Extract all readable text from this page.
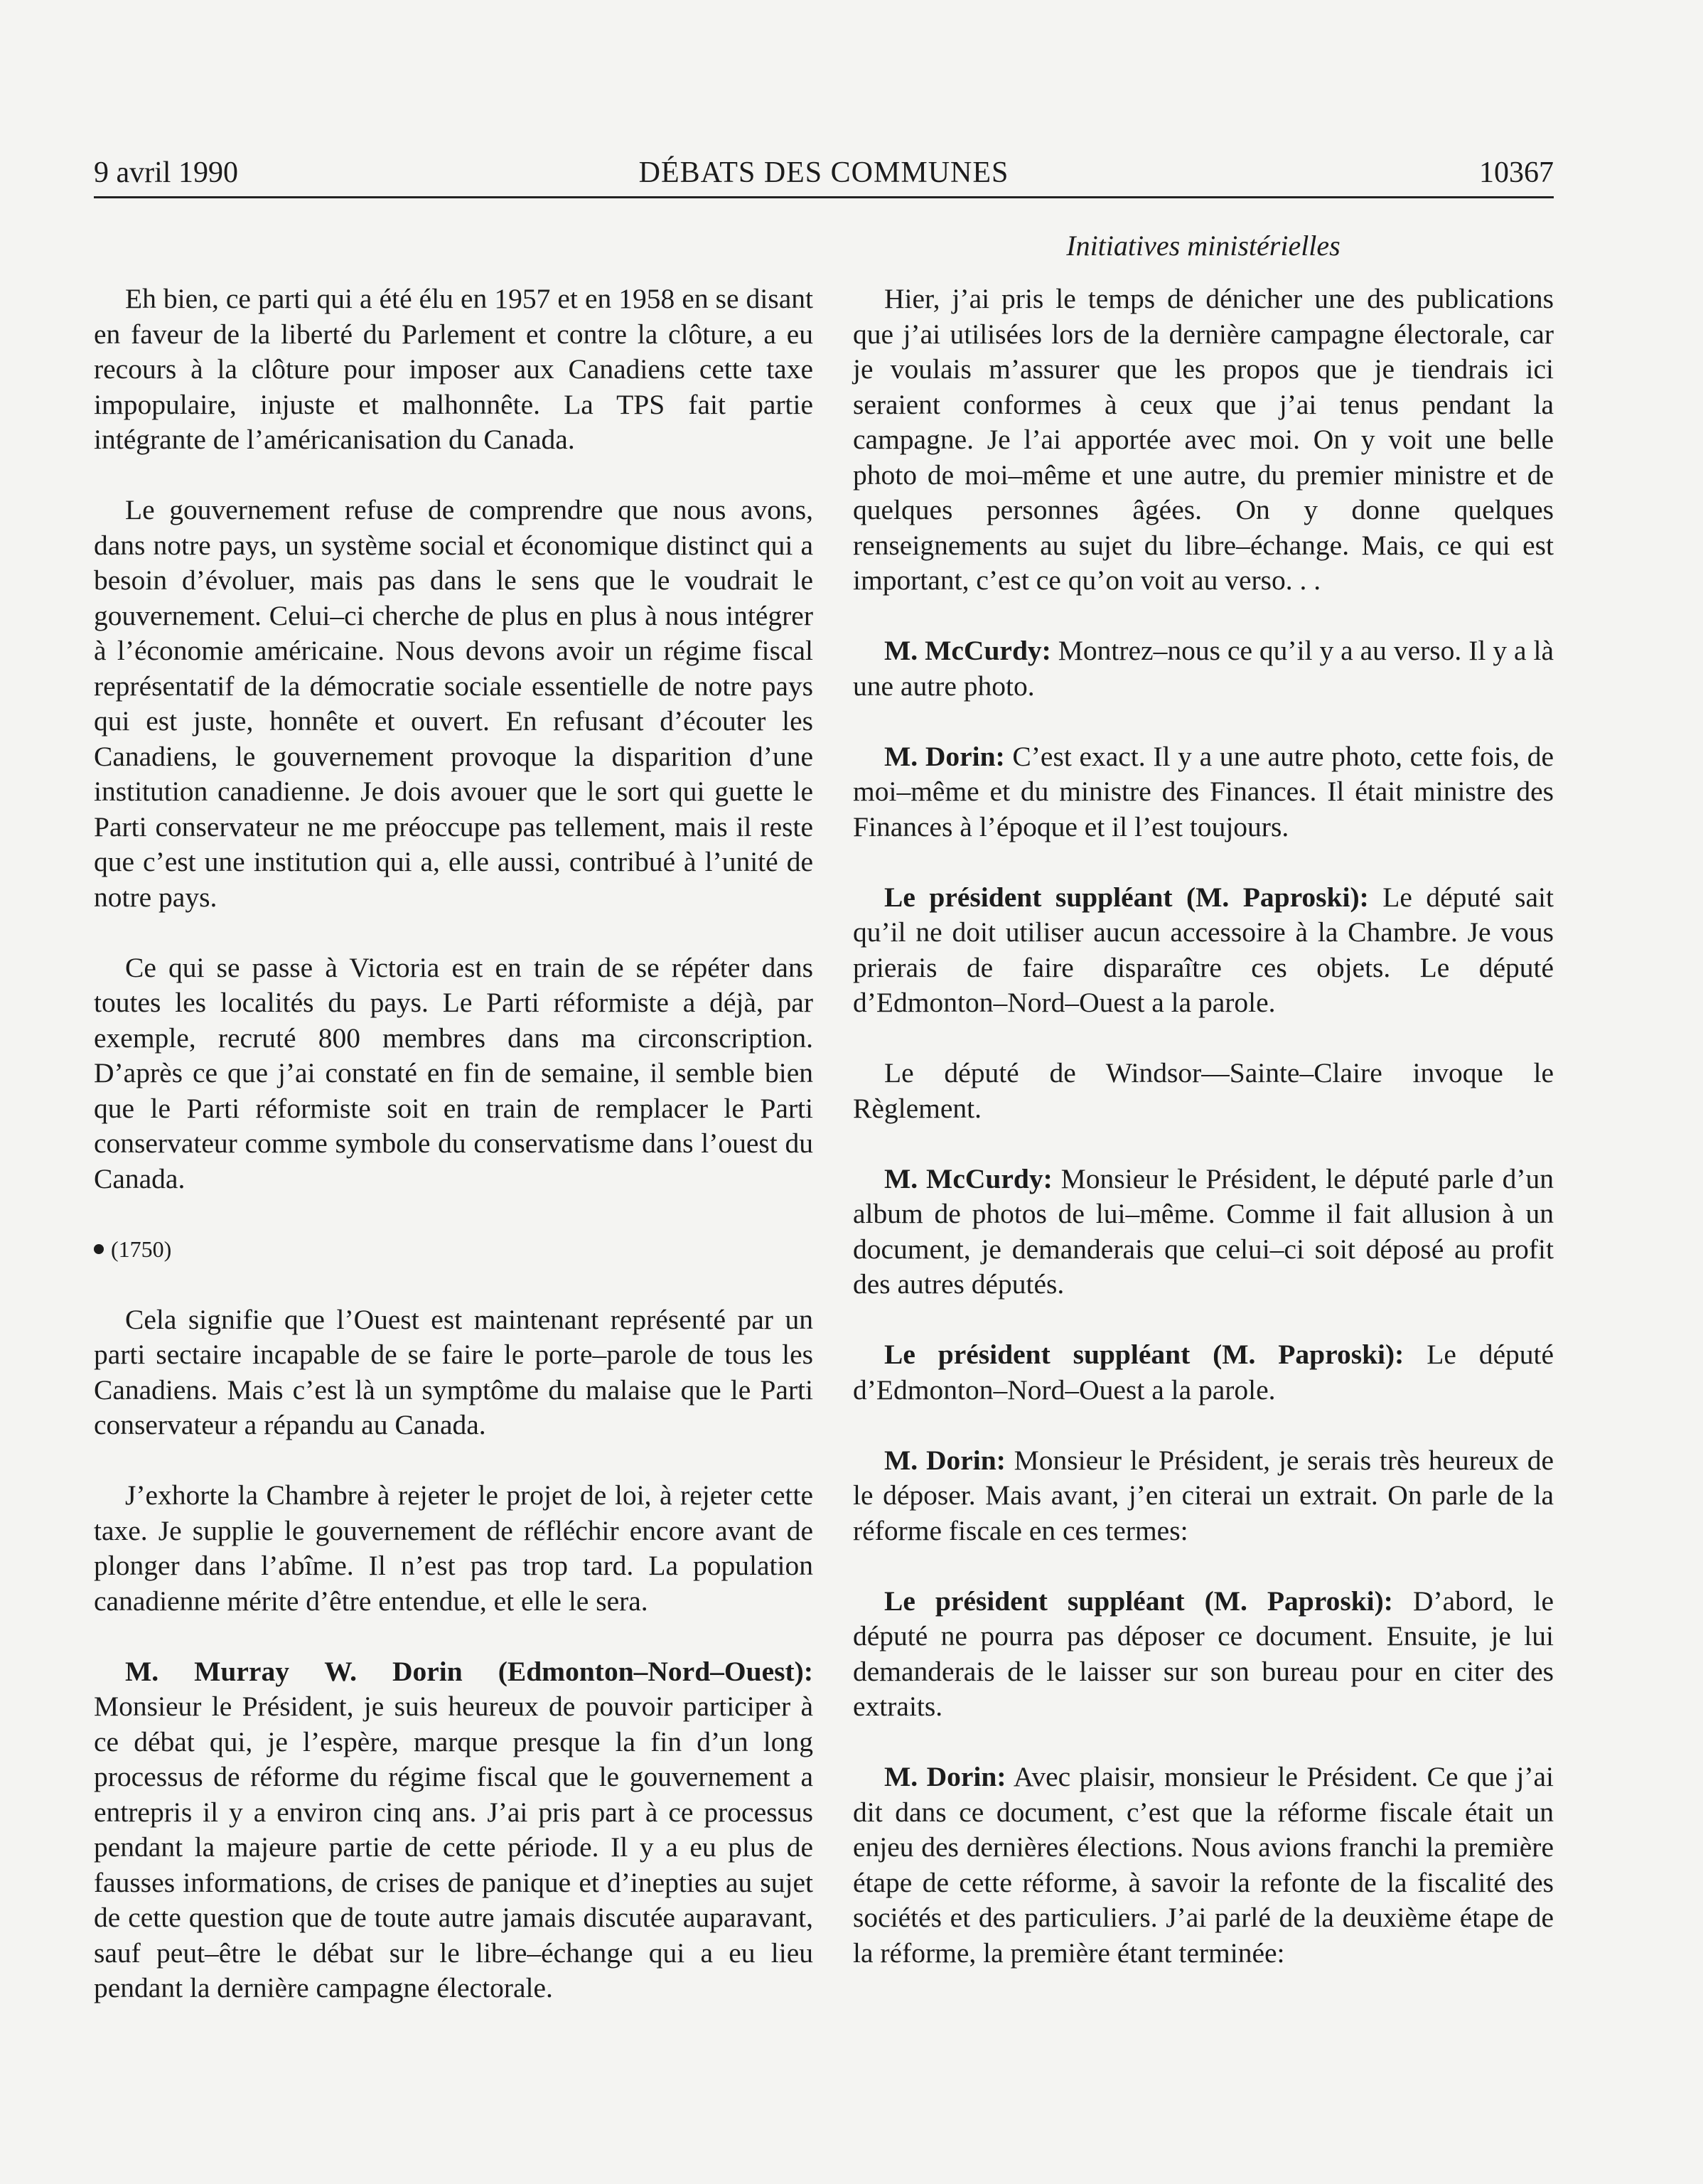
9 avril 1990	DÉBATS DES COMMUNES	10367
Initiatives ministérielles

Eh bien, ce parti qui a été élu en 1957 et en 1958 en se disant en faveur de la liberté du Parlement et contre la clôture, a eu recours à la clôture pour imposer aux Canadiens cette taxe impopulaire, injuste et malhonnête. La TPS fait partie intégrante de l’américanisation du Canada.

Le gouvernement refuse de comprendre que nous avons, dans notre pays, un système social et économique distinct qui a besoin d’évoluer, mais pas dans le sens que le voudrait le gouvernement. Celui–ci cherche de plus en plus à nous intégrer à l’économie américaine. Nous devons avoir un régime fiscal représentatif de la démocratie sociale essentielle de notre pays qui est juste, honnête et ouvert. En refusant d’écouter les Canadiens, le gouvernement provoque la disparition d’une institution canadienne. Je dois avouer que le sort qui guette le Parti conservateur ne me préoccupe pas tellement, mais il reste que c’est une institution qui a, elle aussi, contribué à l’unité de notre pays.

Ce qui se passe à Victoria est en train de se répéter dans toutes les localités du pays. Le Parti réformiste a déjà, par exemple, recruté 800 membres dans ma circonscription. D’après ce que j’ai constaté en fin de semaine, il semble bien que le Parti réformiste soit en train de remplacer le Parti conservateur comme symbole du conservatisme dans l’ouest du Canada.

(1750)

Cela signifie que l’Ouest est maintenant représenté par un parti sectaire incapable de se faire le porte–parole de tous les Canadiens. Mais c’est là un symptôme du malaise que le Parti conservateur a répandu au Canada.

J’exhorte la Chambre à rejeter le projet de loi, à rejeter cette taxe. Je supplie le gouvernement de réfléchir encore avant de plonger dans l’abîme. Il n’est pas trop tard. La population canadienne mérite d’être entendue, et elle le sera.

M. Murray W. Dorin (Edmonton–Nord–Ouest): Monsieur le Président, je suis heureux de pouvoir participer à ce débat qui, je l’espère, marque presque la fin d’un long processus de réforme du régime fiscal que le gouvernement a entrepris il y a environ cinq ans. J’ai pris part à ce processus pendant la majeure partie de cette période. Il y a eu plus de fausses informations, de crises de panique et d’inepties au sujet de cette question que de toute autre jamais discutée auparavant, sauf peut–être le débat sur le libre–échange qui a eu lieu pendant la dernière campagne électorale.

Hier, j’ai pris le temps de dénicher une des publications que j’ai utilisées lors de la dernière campagne électorale, car je voulais m’assurer que les propos que je tiendrais ici seraient conformes à ceux que j’ai tenus pendant la campagne. Je l’ai apportée avec moi. On y voit une belle photo de moi–même et une autre, du premier ministre et de quelques personnes âgées. On y donne quelques renseignements au sujet du libre–échange. Mais, ce qui est important, c’est ce qu’on voit au verso. . .

M. McCurdy: Montrez–nous ce qu’il y a au verso. Il y a là une autre photo.

M. Dorin: C’est exact. Il y a une autre photo, cette fois, de moi–même et du ministre des Finances. Il était ministre des Finances à l’époque et il l’est toujours.

Le président suppléant (M. Paproski): Le député sait qu’il ne doit utiliser aucun accessoire à la Chambre. Je vous prierais de faire disparaître ces objets. Le député d’Edmonton–Nord–Ouest a la parole.

Le député de Windsor—Sainte–Claire invoque le Règlement.

M. McCurdy: Monsieur le Président, le député parle d’un album de photos de lui–même. Comme il fait allusion à un document, je demanderais que celui–ci soit déposé au profit des autres députés.

Le président suppléant (M. Paproski): Le député d’Edmonton–Nord–Ouest a la parole.

M. Dorin: Monsieur le Président, je serais très heureux de le déposer. Mais avant, j’en citerai un extrait. On parle de la réforme fiscale en ces termes:

Le président suppléant (M. Paproski): D’abord, le député ne pourra pas déposer ce document. Ensuite, je lui demanderais de le laisser sur son bureau pour en citer des extraits.

M. Dorin: Avec plaisir, monsieur le Président. Ce que j’ai dit dans ce document, c’est que la réforme fiscale était un enjeu des dernières élections. Nous avions franchi la première étape de cette réforme, à savoir la refonte de la fiscalité des sociétés et des particuliers. J’ai parlé de la deuxième étape de la réforme, la première étant terminée:
